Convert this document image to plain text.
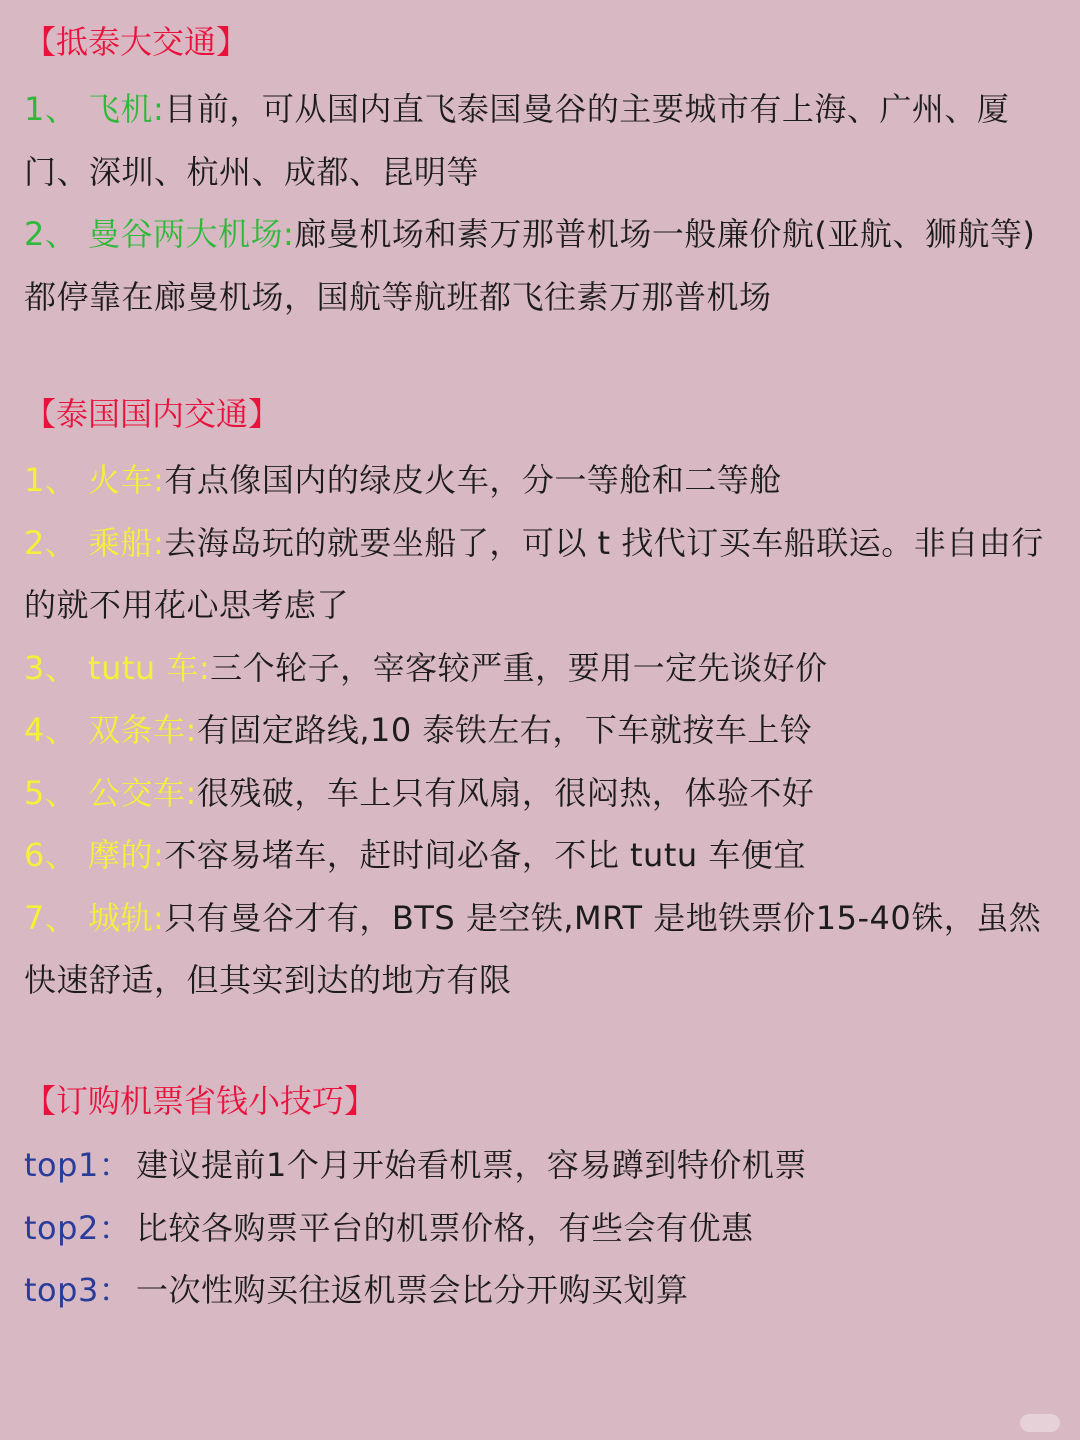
【抵泰大交通】
1、 飞机:目前，可从国内直飞泰国曼谷的主要城市有上海、广州、厦门、深圳、杭州、成都、昆明等
2、 曼谷两大机场:廊曼机场和素万那普机场一般廉价航(亚航、狮航等)都停靠在廊曼机场，国航等航班都飞往素万那普机场
【泰国国内交通】
1、 火车:有点像国内的绿皮火车，分一等舱和二等舱
2、 乘船:去海岛玩的就要坐船了，可以 t 找代订买车船联运。非自由行的就不用花心思考虑了
3、 tutu 车:三个轮子，宰客较严重，要用一定先谈好价
4、 双条车:有固定路线,10 泰铁左右，下车就按车上铃
5、 公交车:很残破，车上只有风扇，很闷热，体验不好
6、 摩的:不容易堵车，赶时间必备，不比 tutu 车便宜
7、 城轨:只有曼谷才有，BTS 是空铁,MRT 是地铁票价15-40铢，虽然快速舒适，但其实到达的地方有限
【订购机票省钱小技巧】
top1： 建议提前1个月开始看机票，容易蹲到特价机票
top2： 比较各购票平台的机票价格，有些会有优惠
top3： 一次性购买往返机票会比分开购买划算
